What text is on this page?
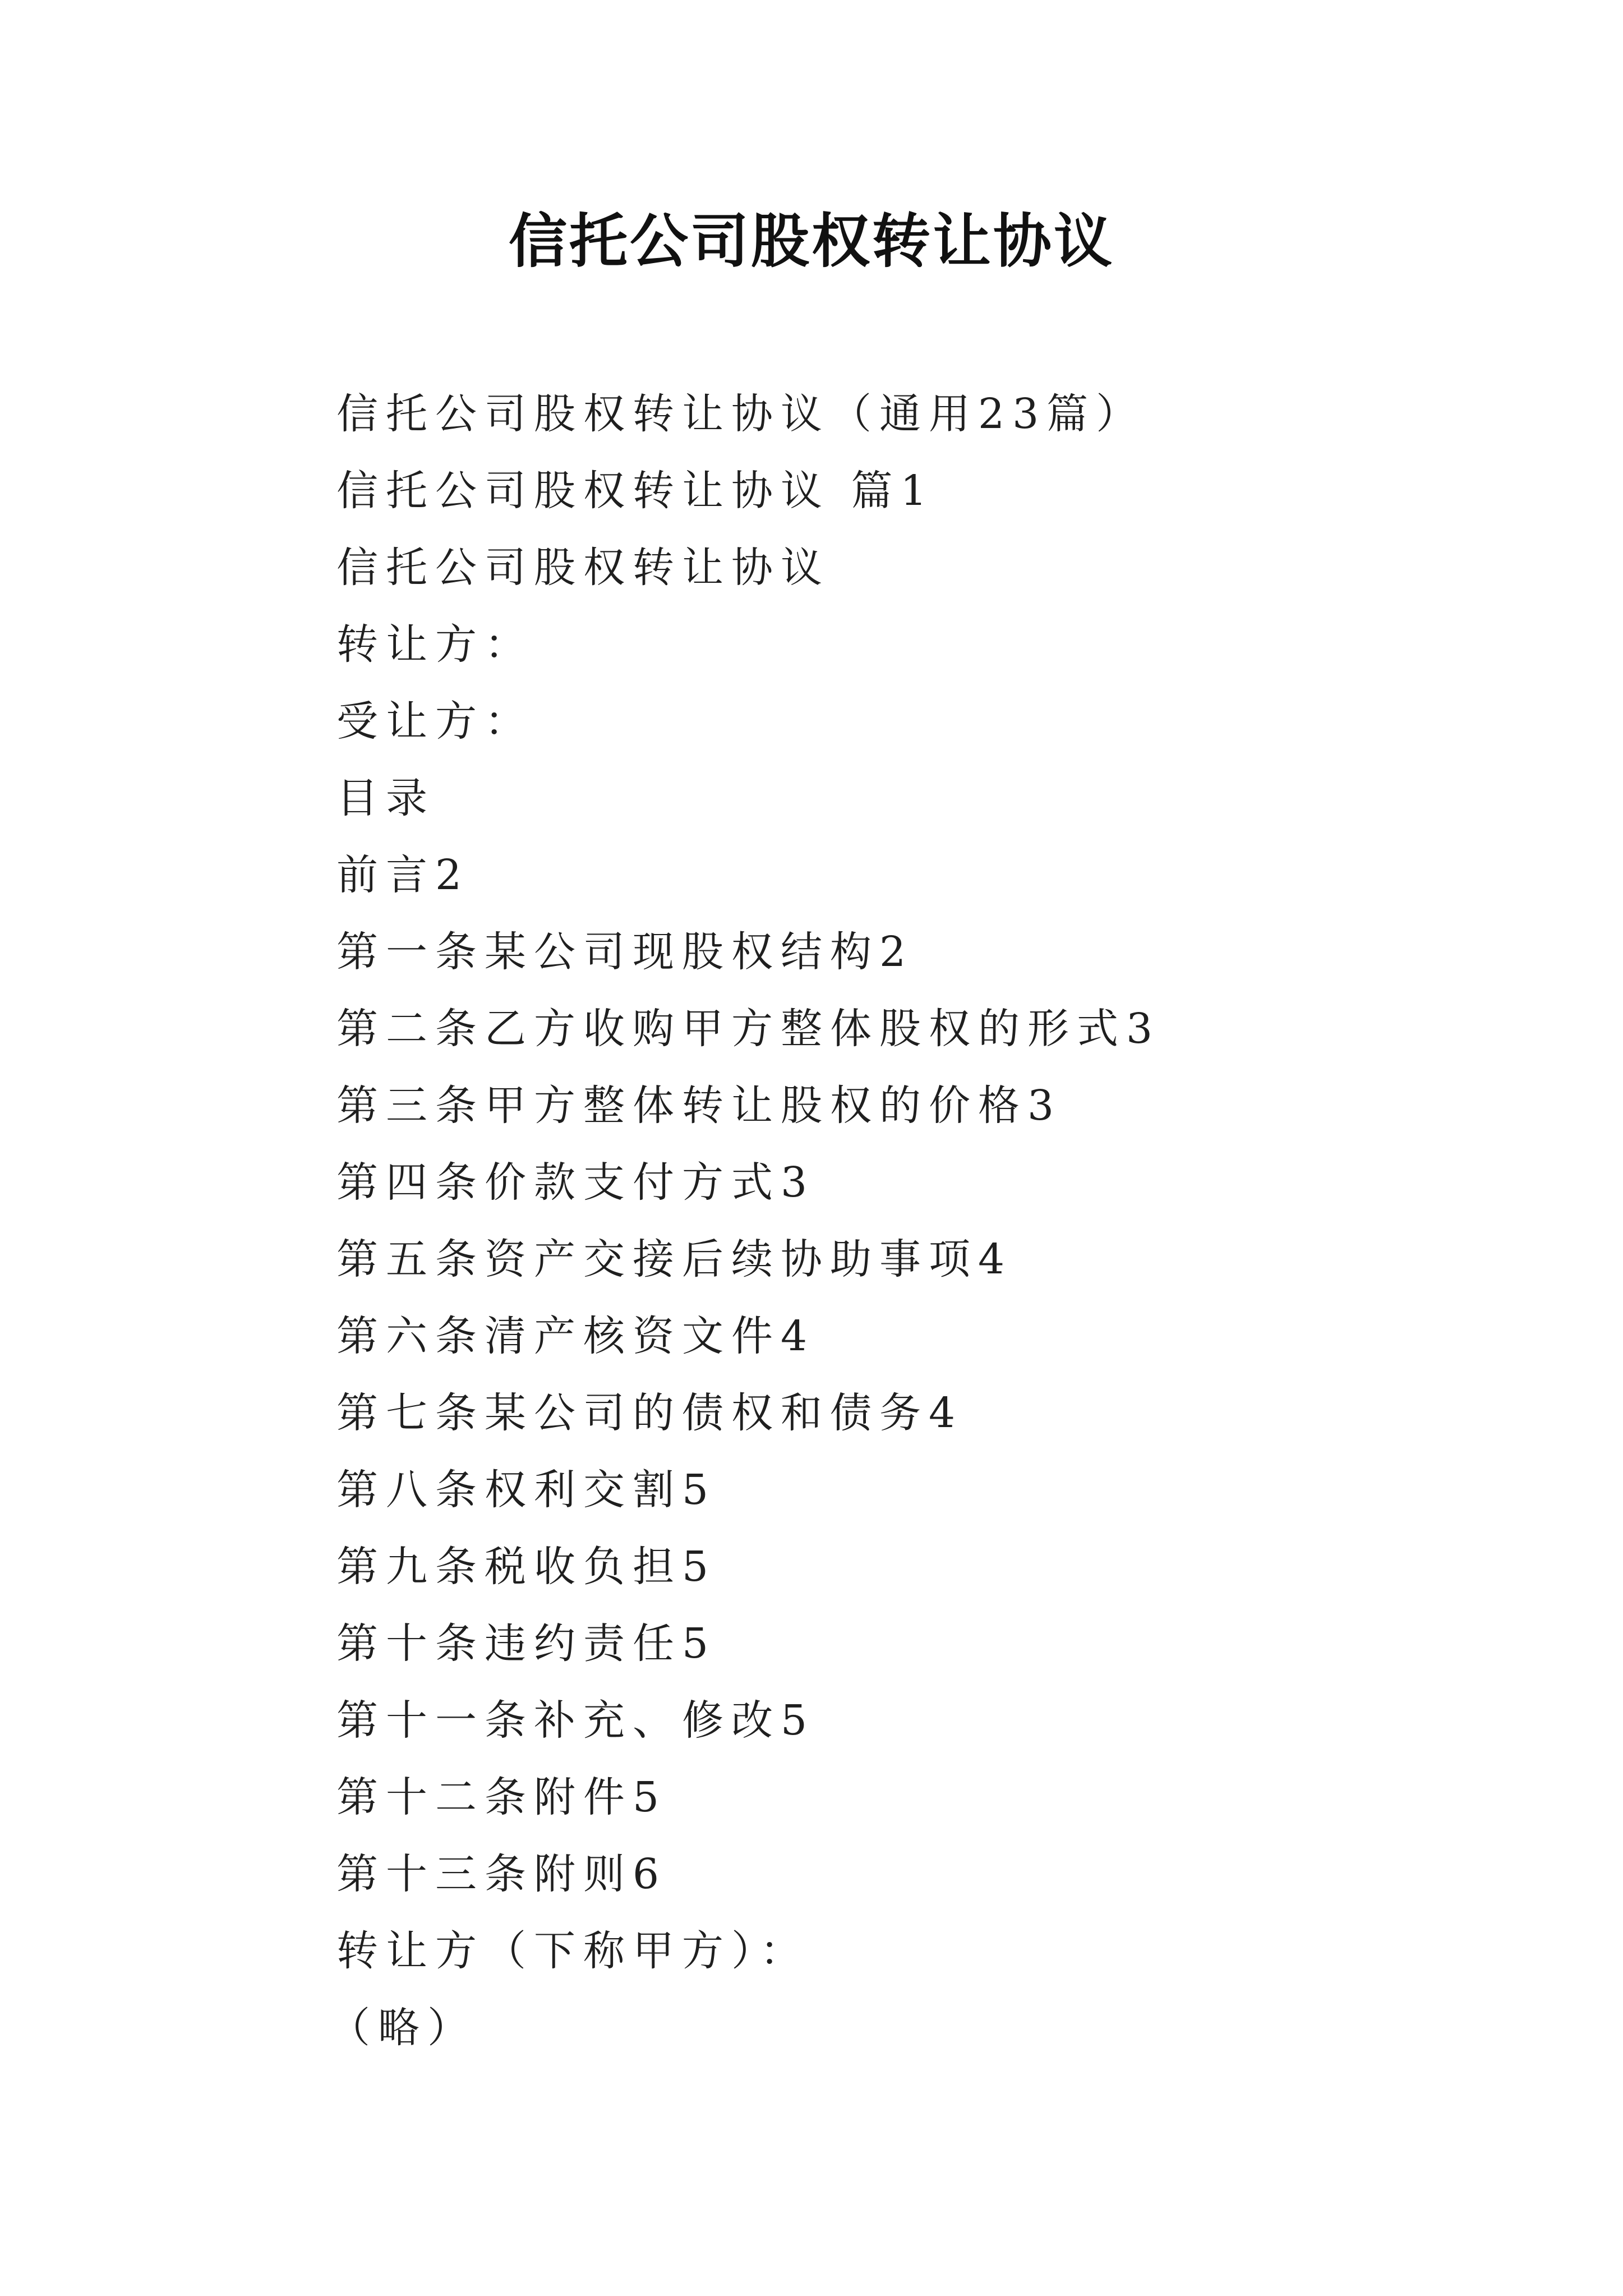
信托公司股权转让协议
信托公司股权转让协议（通用23篇）
信托公司股权转让协议 篇1
信托公司股权转让协议
转让方：
受让方：
目录
前言2
第一条某公司现股权结构2
第二条乙方收购甲方整体股权的形式3
第三条甲方整体转让股权的价格3
第四条价款支付方式3
第五条资产交接后续协助事项4
第六条清产核资文件4
第七条某公司的债权和债务4
第八条权利交割5
第九条税收负担5
第十条违约责任5
第十一条补充、修改5
第十二条附件5
第十三条附则6
转让方（下称甲方）：
（略）
